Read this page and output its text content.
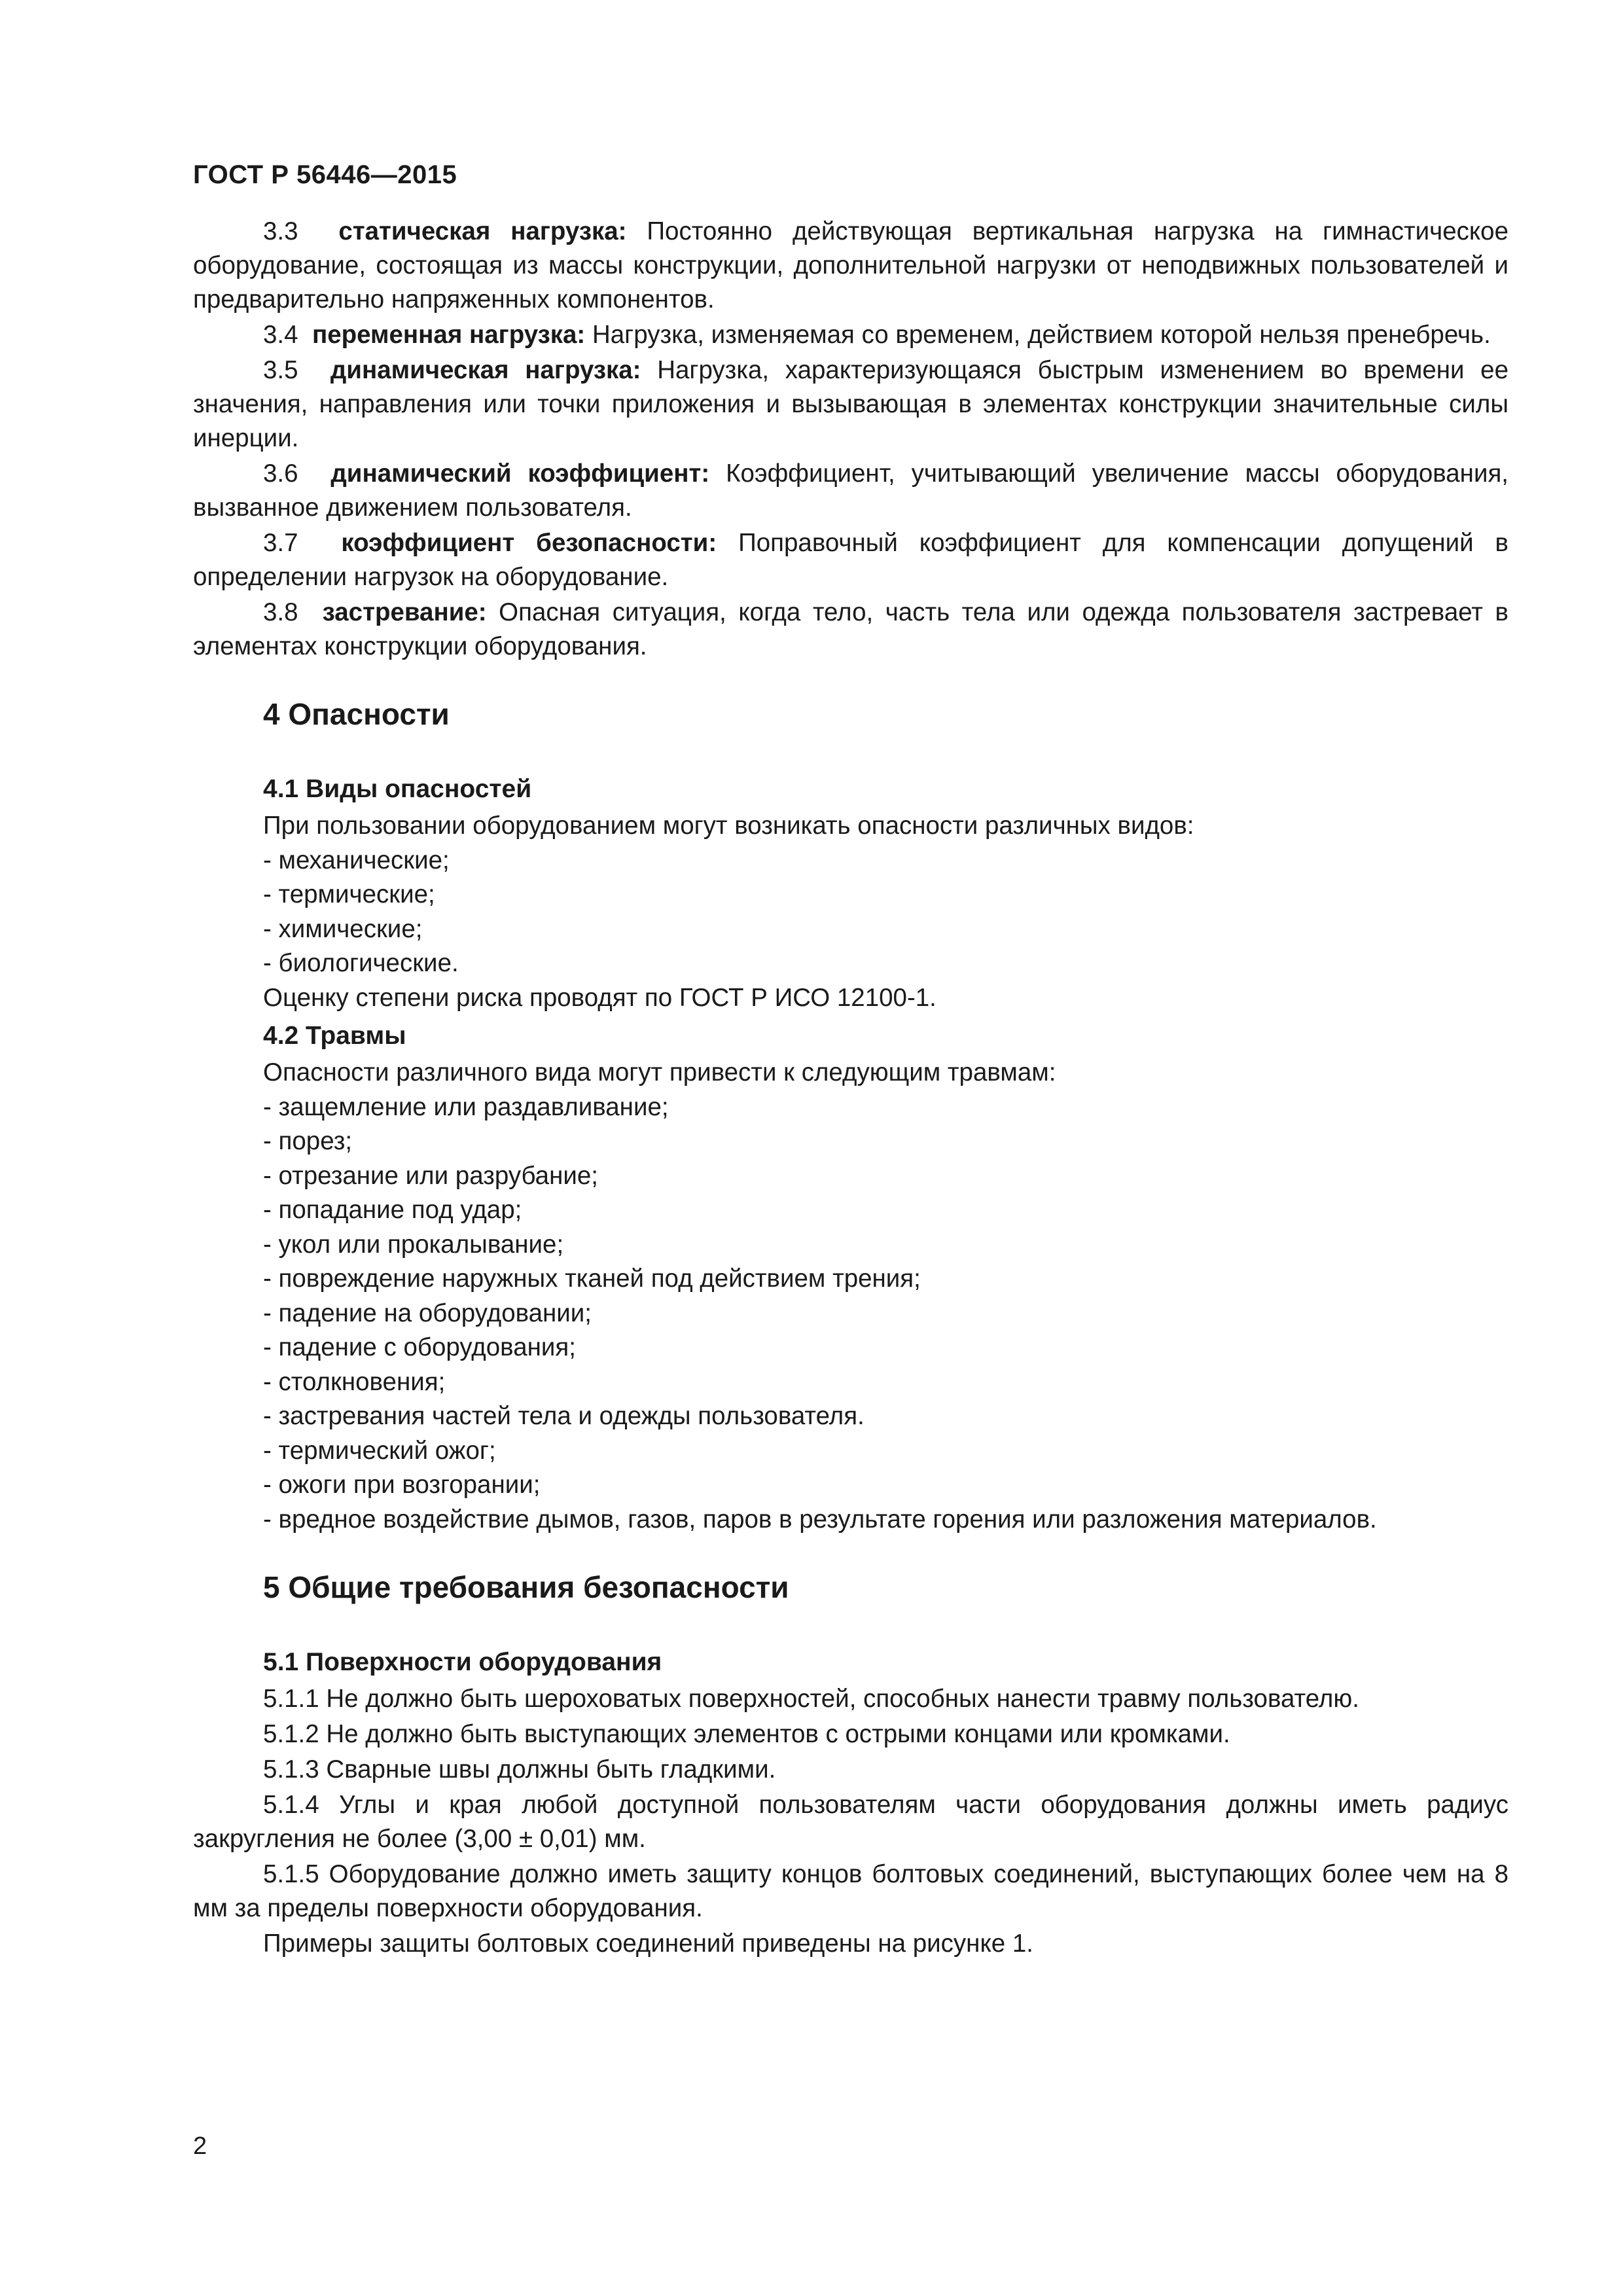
ГОСТ Р 56446—2015

3.3 статическая нагрузка: Постоянно действующая вертикальная нагрузка на гимнастическое оборудование, состоящая из массы конструкции, дополнительной нагрузки от неподвижных пользователей и предварительно напряженных компонентов.

3.4 переменная нагрузка: Нагрузка, изменяемая со временем, действием которой нельзя пренебречь.

3.5 динамическая нагрузка: Нагрузка, характеризующаяся быстрым изменением во времени ее значения, направления или точки приложения и вызывающая в элементах конструкции значительные силы инерции.

3.6 динамический коэффициент: Коэффициент, учитывающий увеличение массы оборудования, вызванное движением пользователя.

3.7 коэффициент безопасности: Поправочный коэффициент для компенсации допущений в определении нагрузок на оборудование.

3.8 застревание: Опасная ситуация, когда тело, часть тела или одежда пользователя застревает в элементах конструкции оборудования.

4 Опасности
4.1 Виды опасностей
При пользовании оборудованием могут возникать опасности различных видов:
- механические;
- термические;
- химические;
- биологические.
Оценку степени риска проводят по ГОСТ Р ИСО 12100-1.
4.2 Травмы
Опасности различного вида могут привести к следующим травмам:
- защемление или раздавливание;
- порез;
- отрезание или разрубание;
- попадание под удар;
- укол или прокалывание;
- повреждение наружных тканей под действием трения;
- падение на оборудовании;
- падение с оборудования;
- столкновения;
- застревания частей тела и одежды пользователя.
- термический ожог;
- ожоги при возгорании;
- вредное воздействие дымов, газов, паров в результате горения или разложения материалов.
5 Общие требования безопасности
5.1 Поверхности оборудования

5.1.1 Не должно быть шероховатых поверхностей, способных нанести травму пользователю.

5.1.2 Не должно быть выступающих элементов с острыми концами или кромками.

5.1.3 Сварные швы должны быть гладкими.

5.1.4 Углы и края любой доступной пользователям части оборудования должны иметь радиус закругления не более (3,00 ± 0,01) мм.

5.1.5 Оборудование должно иметь защиту концов болтовых соединений, выступающих более чем на 8 мм за пределы поверхности оборудования.

Примеры защиты болтовых соединений приведены на рисунке 1.

2
